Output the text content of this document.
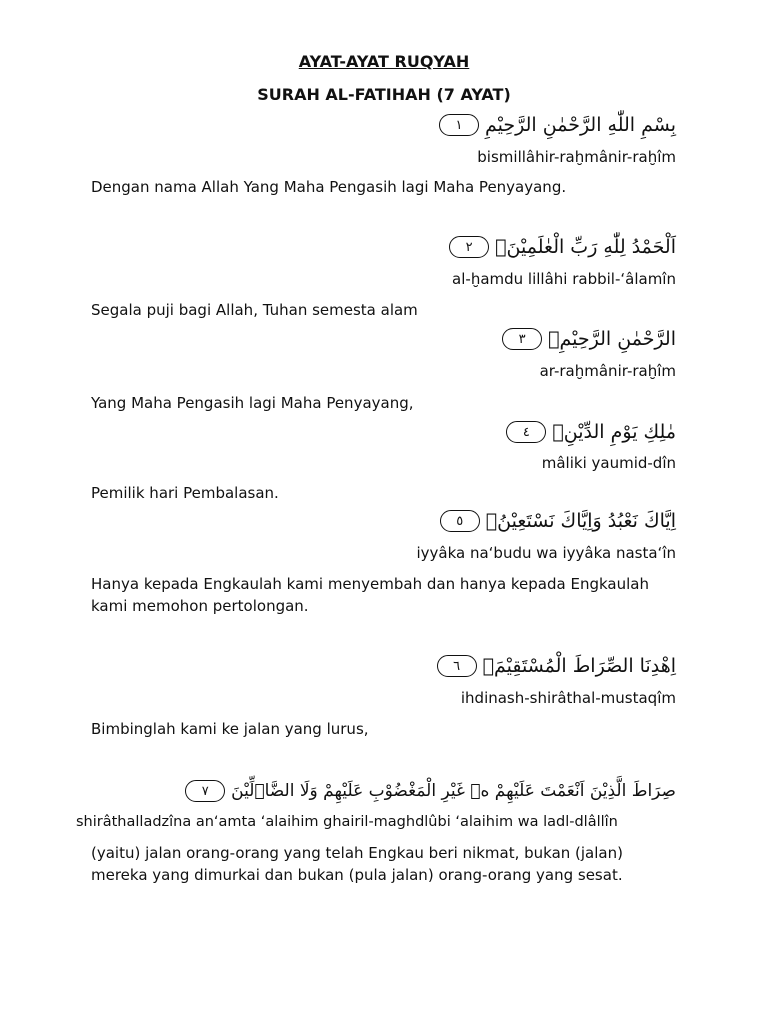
AYAT-AYAT RUQYAH
SURAH AL-FATIHAH (7 AYAT)
بِسْمِ اللّٰهِ الرَّحْمٰنِ الرَّحِيْمِ
١
bismillâhir-raḫmânir-raḫîm
Dengan nama Allah Yang Maha Pengasih lagi Maha Penyayang.
اَلْحَمْدُ لِلّٰهِ رَبِّ الْعٰلَمِيْنَۙ
٢
al-ḫamdu lillâhi rabbil-‘âlamîn
Segala puji bagi Allah, Tuhan semesta alam
الرَّحْمٰنِ الرَّحِيْمِۙ
٣
ar-raḫmânir-raḫîm
Yang Maha Pengasih lagi Maha Penyayang,
مٰلِكِ يَوْمِ الدِّيْنِۗ
٤
mâliki yaumid-dîn
Pemilik hari Pembalasan.
اِيَّاكَ نَعْبُدُ وَاِيَّاكَ نَسْتَعِيْنُۗ
٥
iyyâka na‘budu wa iyyâka nasta‘în
Hanya kepada Engkaulah kami menyembah dan hanya kepada Engkaulah kami memohon pertolongan.
اِهْدِنَا الصِّرَاطَ الْمُسْتَقِيْمَۙ
٦
ihdinash-shirâthal-mustaqîm
Bimbinglah kami ke jalan yang lurus,
صِرَاطَ الَّذِيْنَ اَنْعَمْتَ عَلَيْهِمْ ەۙ غَيْرِ الْمَغْضُوْبِ عَلَيْهِمْ وَلَا الضَّاۤلِّيْنَ
٧
shirâthalladzîna an‘amta ‘alaihim ghairil-maghdlûbi ‘alaihim wa ladl-dlâllîn
(yaitu) jalan orang-orang yang telah Engkau beri nikmat, bukan (jalan) mereka yang dimurkai dan bukan (pula jalan) orang-orang yang sesat.
